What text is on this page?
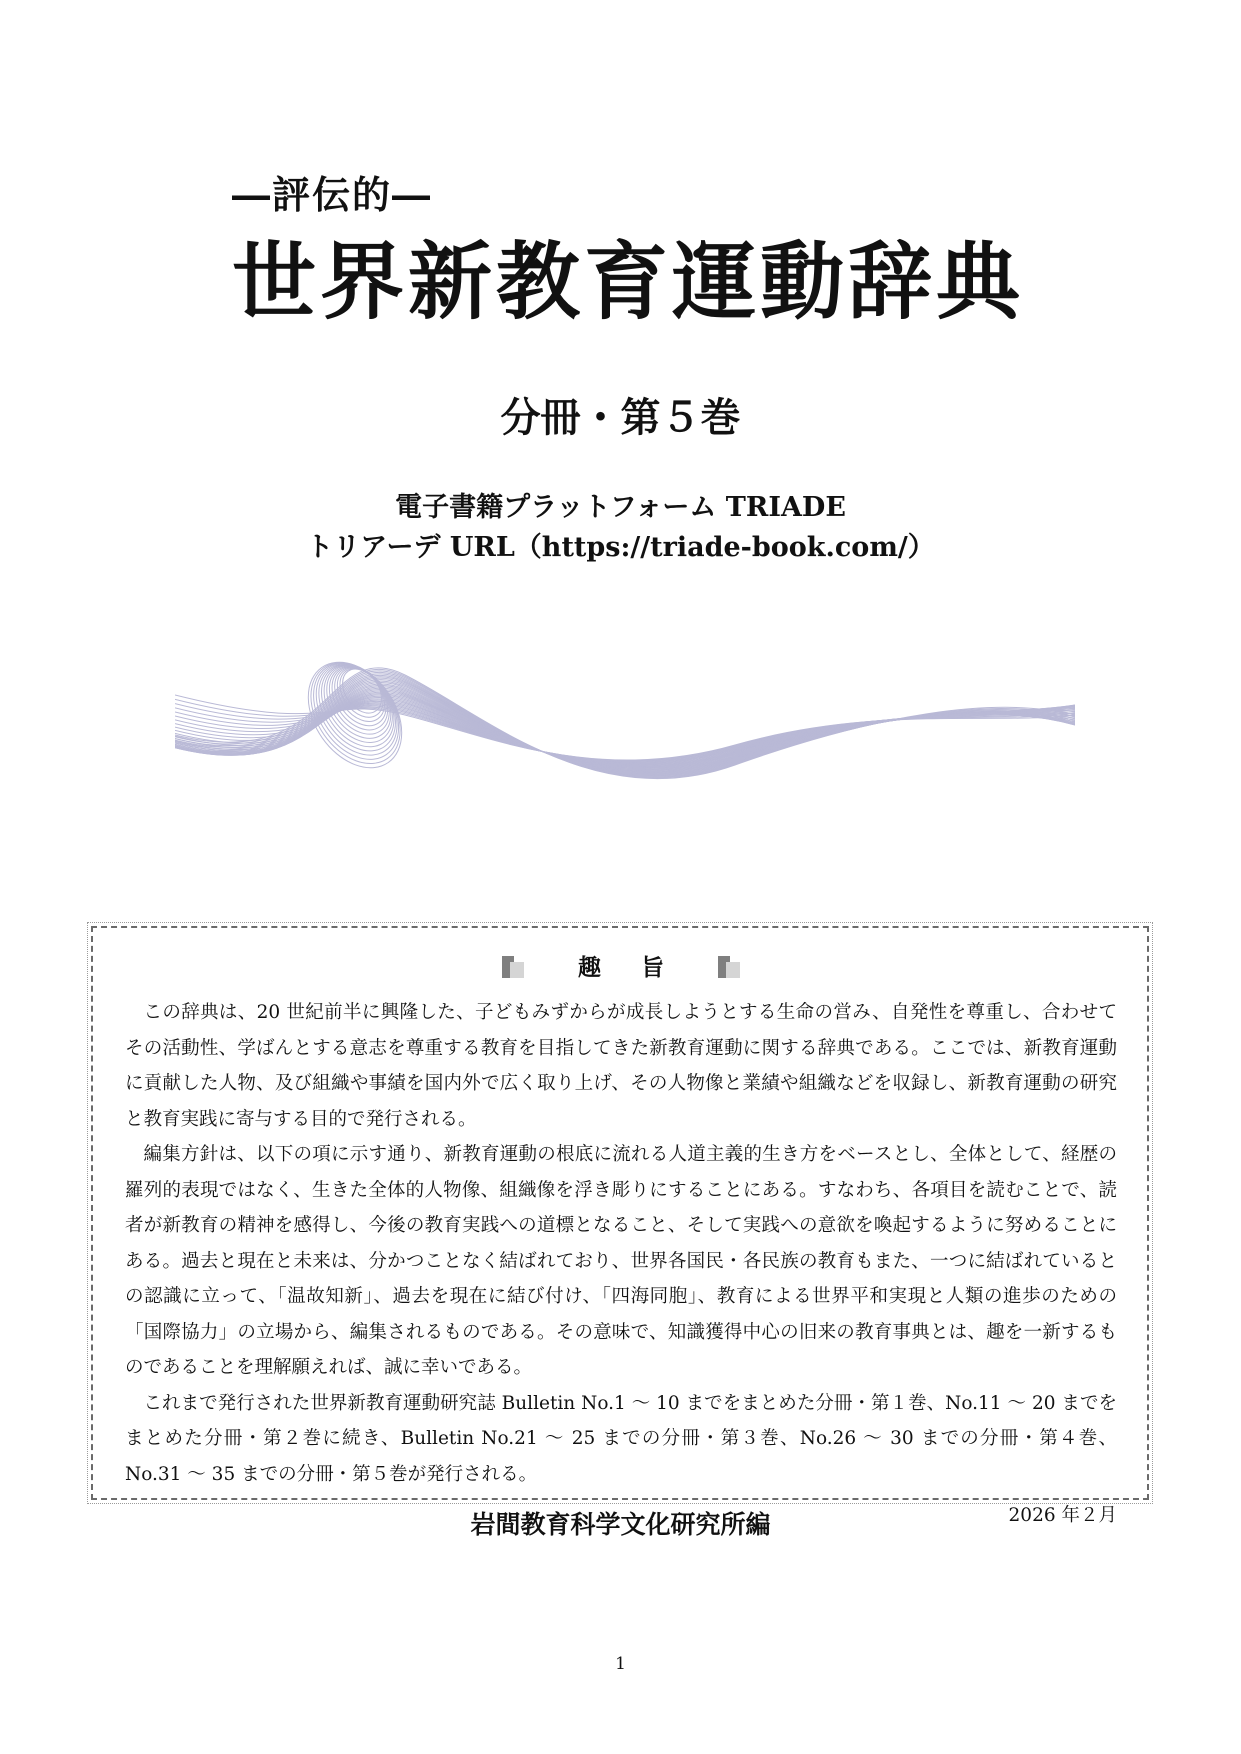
―評伝的―
世界新教育運動辞典
分冊・第５巻
電子書籍プラットフォーム TRIADE
トリアーデ URL（https://triade-book.com/）
趣旨

この辞典は、20 世紀前半に興隆した、子どもみずからが成長しようとする生命の営み、自発性を尊重し、合わせてその活動性、学ばんとする意志を尊重する教育を目指してきた新教育運動に関する辞典である。ここでは、新教育運動に貢献した人物、及び組織や事績を国内外で広く取り上げ、その人物像と業績や組織などを収録し、新教育運動の研究と教育実践に寄与する目的で発行される。

編集方針は、以下の項に示す通り、新教育運動の根底に流れる人道主義的生き方をベースとし、全体として、経歴の羅列的表現ではなく、生きた全体的人物像、組織像を浮き彫りにすることにある。すなわち、各項目を読むことで、読者が新教育の精神を感得し、今後の教育実践への道標となること、そして実践への意欲を喚起するように努めることにある。過去と現在と未来は、分かつことなく結ばれており、世界各国民・各民族の教育もまた、一つに結ばれているとの認識に立って、「温故知新」、過去を現在に結び付け、「四海同胞」、教育による世界平和実現と人類の進歩のための「国際協力」の立場から、編集されるものである。その意味で、知識獲得中心の旧来の教育事典とは、趣を一新するものであることを理解願えれば、誠に幸いである。

これまで発行された世界新教育運動研究誌 Bulletin No.1 ～ 10 までをまとめた分冊・第１巻、No.11 ～ 20 までをまとめた分冊・第２巻に続き、Bulletin No.21 ～ 25 までの分冊・第３巻、No.26 ～ 30 までの分冊・第４巻、No.31 ～ 35 までの分冊・第５巻が発行される。

2026 年２月
岩間教育科学文化研究所編
1
